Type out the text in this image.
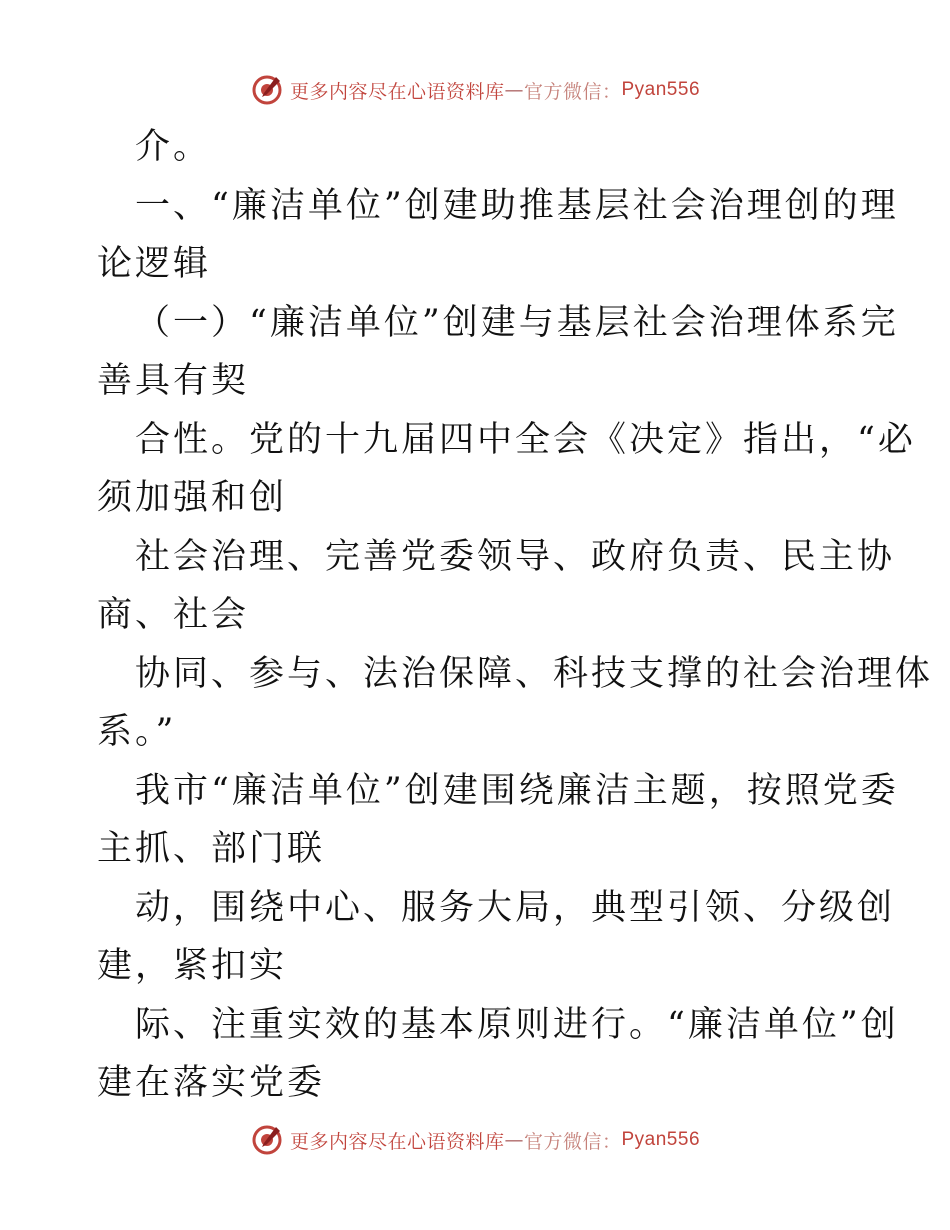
更多内容尽在心语资料库 — 官方微信： Pyan556
介。
一、“廉洁单位”创建助推基层社会治理创的理
论逻辑
（一）“廉洁单位”创建与基层社会治理体系完
善具有契
合性。党的十九届四中全会《决定》指出，“必
须加强和创
社会治理、完善党委领导、政府负责、民主协
商、社会
协同、参与、法治保障、科技支撑的社会治理体
系。”
我市“廉洁单位”创建围绕廉洁主题，按照党委
主抓、部门联
动，围绕中心、服务大局，典型引领、分级创
建，紧扣实
际、注重实效的基本原则进行。“廉洁单位”创
建在落实党委
更多内容尽在心语资料库 — 官方微信： Pyan556
